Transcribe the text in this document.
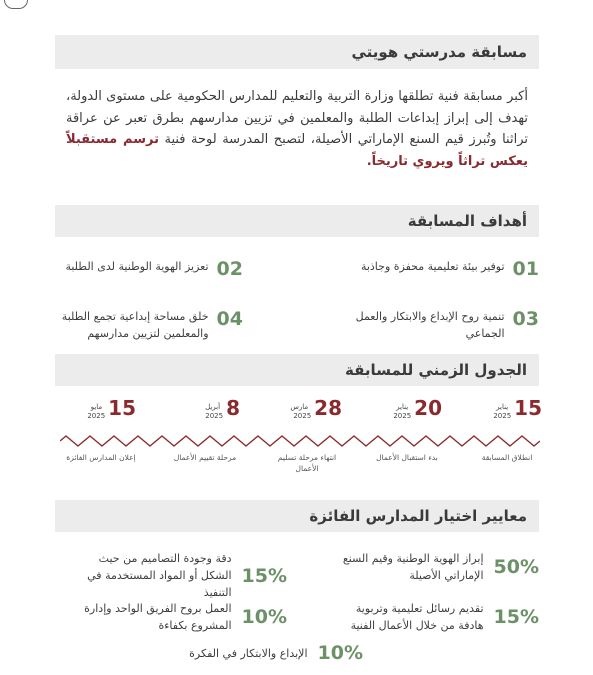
مسابقة مدرستي هويتي
أكبر مسابقة فنية تطلقها وزارة التربية والتعليم للمدارس الحكومية على مستوى الدولة، تهدف إلى إبراز إبداعات الطلبة والمعلمين في تزيين مدارسهم بطرق تعبر عن عراقة تراثنا وتُبرز قيم السنع الإماراتي الأصيلة، لتصبح المدرسة لوحة فنية ترسم مستقبلاً يعكس تراثاً ويروي تاريخاً.
أهداف المسابقة
01
توفير بيئة تعليمية محفزة وجاذبة
02
تعزيز الهوية الوطنية لدى الطلبة
03
تنمية روح الإبداع والابتكار والعمل الجماعي
04
خلق مساحة إبداعية تجمع الطلبة والمعلمين لتزيين مدارسهم
الجدول الزمني للمسابقة
15
يناير
2025
انطلاق المسابقة
20
يناير
2025
بدء استقبال الأعمال
28
مارس
2025
انتهاء مرحلة تسليم الأعمال
8
أبريل
2025
مرحلة تقييم الأعمال
15
مايو
2025
إعلان المدارس الفائزة
معايير اختيار المدارس الفائزة
50%
إبراز الهوية الوطنية وقيم السنع الإماراتي الأصيلة
15%
دقة وجودة التصاميم من حيث الشكل أو المواد المستخدمة في التنفيذ
15%
تقديم رسائل تعليمية وتربوية هادفة من خلال الأعمال الفنية
10%
العمل بروح الفريق الواحد وإدارة المشروع بكفاءة
10%
الإبداع والابتكار في الفكرة
